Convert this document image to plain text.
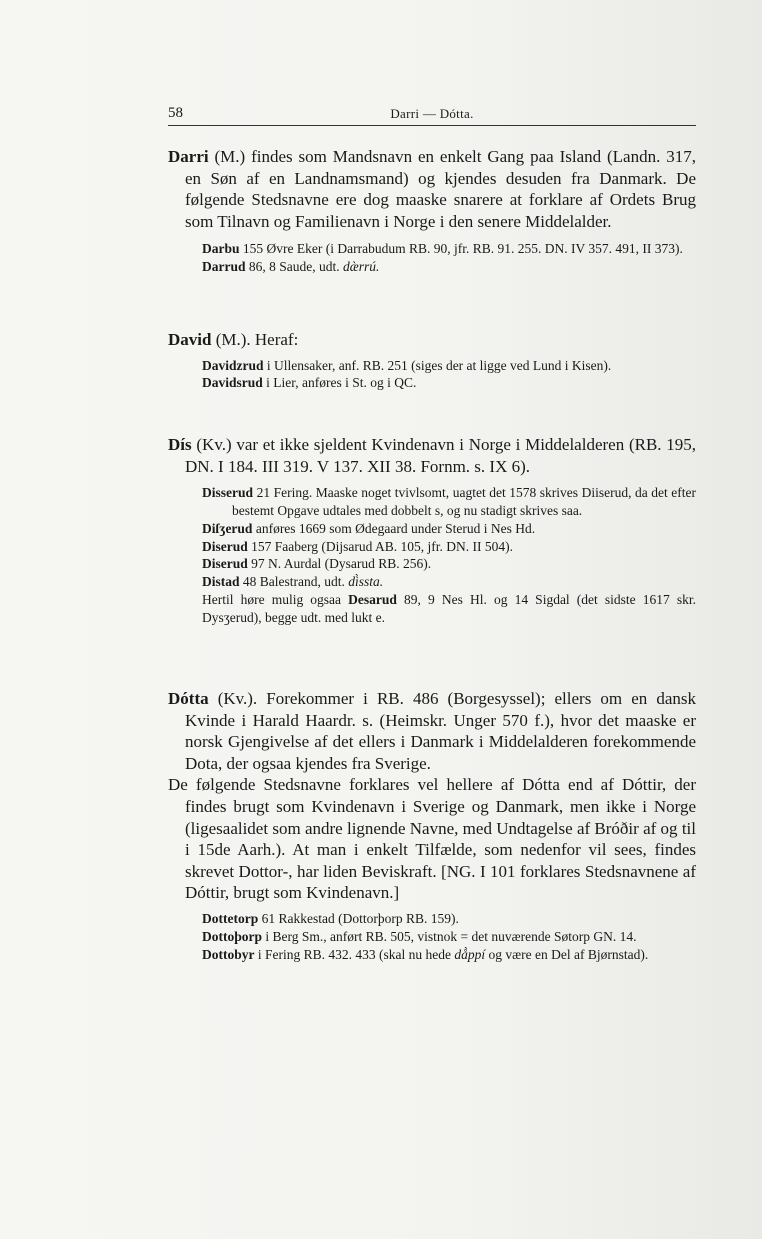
58	Darri — Dótta.

Darri (M.) findes som Mandsnavn en enkelt Gang paa Island (Landn. 317, en Søn af en Landnamsmand) og kjendes desuden fra Danmark. De følgende Stedsnavne ere dog maaske snarere at forklare af Ordets Brug som Tilnavn og Familienavn i Norge i den senere Middelalder.

Darbu 155 Øvre Eker (i Darrabudum RB. 90, jfr. RB. 91. 255. DN. IV 357. 491, II 373).

Darrud 86, 8 Saude, udt. dæ̀rrú.

David (M.). Heraf:

Davidzrud i Ullensaker, anf. RB. 251 (siges der at ligge ved Lund i Kisen).

Davidsrud i Lier, anføres i St. og i QC.

Dís (Kv.) var et ikke sjeldent Kvindenavn i Norge i Middelalderen (RB. 195, DN. I 184. III 319. V 137. XII 38. Fornm. s. IX 6).

Disserud 21 Fering. Maaske noget tvivlsomt, uagtet det 1578 skrives Diiserud, da det efter bestemt Opgave udtales med dobbelt s, og nu stadigt skrives saa.

Diſʒerud anføres 1669 som Ødegaard under Sterud i Nes Hd.

Diserud 157 Faaberg (Dijsarud AB. 105, jfr. DN. II 504).

Diserud 97 N. Aurdal (Dysarud RB. 256).

Distad 48 Balestrand, udt. dì̀ssta.

Hertil høre mulig ogsaa Desarud 89, 9 Nes Hl. og 14 Sigdal (det sidste 1617 skr. Dysʒerud), begge udt. med lukt e.

Dótta (Kv.). Forekommer i RB. 486 (Borgesyssel); ellers om en dansk Kvinde i Harald Haardr. s. (Heimskr. Unger 570 f.), hvor det maaske er norsk Gjengivelse af det ellers i Danmark i Middelalderen forekommende Dota, der ogsaa kjendes fra Sverige.

De følgende Stedsnavne forklares vel hellere af Dótta end af Dóttir, der findes brugt som Kvindenavn i Sverige og Danmark, men ikke i Norge (ligesaalidet som andre lignende Navne, med Undtagelse af Bróðir af og til i 15de Aarh.). At man i enkelt Tilfælde, som nedenfor vil sees, findes skrevet Dottor-, har liden Beviskraft. [NG. I 101 forklares Stedsnavnene af Dóttir, brugt som Kvindenavn.]

Dottetorp 61 Rakkestad (Dottorþorp RB. 159).

Dottoþorp i Berg Sm., anført RB. 505, vistnok = det nuværende Søtorp GN. 14.

Dottobyr i Fering RB. 432. 433 (skal nu hede då̀ppí og være en Del af Bjørnstad).
